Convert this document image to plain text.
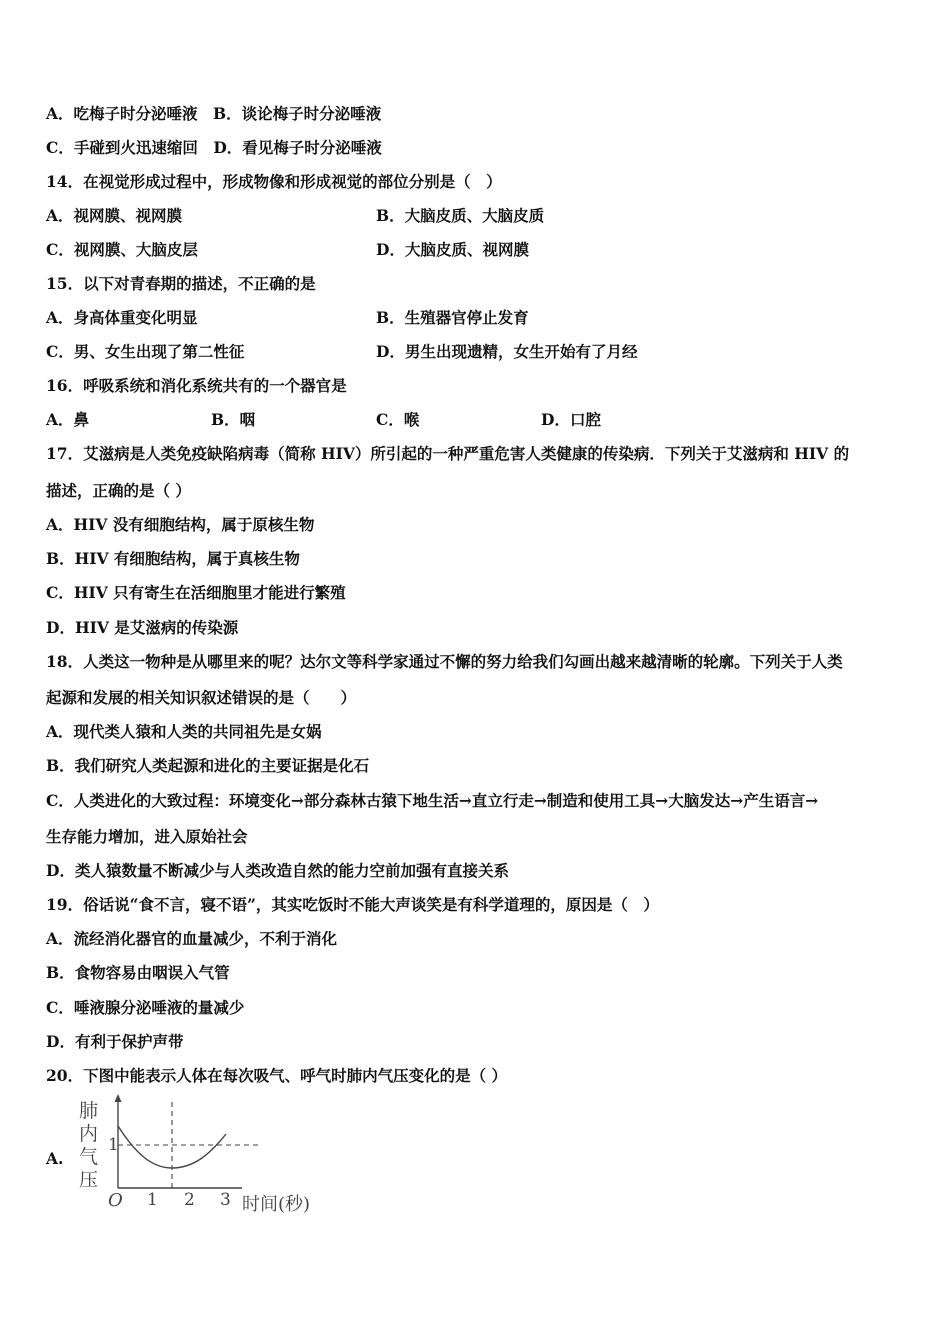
A．吃梅子时分泌唾液　B．谈论梅子时分泌唾液
C．手碰到火迅速缩回　D．看见梅子时分泌唾液
14．在视觉形成过程中，形成物像和形成视觉的部位分别是（　）
A．视网膜、视网膜	B．大脑皮质、大脑皮质
C．视网膜、大脑皮层	D．大脑皮质、视网膜
15．以下对青春期的描述，不正确的是
A．身高体重变化明显	B．生殖器官停止发育
C．男、女生出现了第二性征	D．男生出现遗精，女生开始有了月经
16．呼吸系统和消化系统共有的一个器官是
A．鼻	B．咽	C．喉	D．口腔
17．艾滋病是人类免疫缺陷病毒（简称 HIV）所引起的一种严重危害人类健康的传染病．下列关于艾滋病和 HIV 的
描述，正确的是（ ）
A．HIV 没有细胞结构，属于原核生物
B．HIV 有细胞结构，属于真核生物
C．HIV 只有寄生在活细胞里才能进行繁殖
D．HIV 是艾滋病的传染源
18．人类这一物种是从哪里来的呢？达尔文等科学家通过不懈的努力给我们勾画出越来越清晰的轮廓。下列关于人类
起源和发展的相关知识叙述错误的是（　　）
A．现代类人猿和人类的共同祖先是女娲
B．我们研究人类起源和进化的主要证据是化石
C．人类进化的大致过程：环境变化→部分森林古猿下地生活→直立行走→制造和使用工具→大脑发达→产生语言→
生存能力增加，进入原始社会
D．类人猿数量不断减少与人类改造自然的能力空前加强有直接关系
19．俗话说“食不言，寝不语”，其实吃饭时不能大声谈笑是有科学道理的，原因是（　）
A．流经消化器官的血量减少，不利于消化
B．食物容易由咽误入气管
C．唾液腺分泌唾液的量减少
D．有利于保护声带
20．下图中能表示人体在每次吸气、呼气时肺内气压变化的是（ ）
A.
肺
内
气
压
1
O 1 2 3 时间(秒)
